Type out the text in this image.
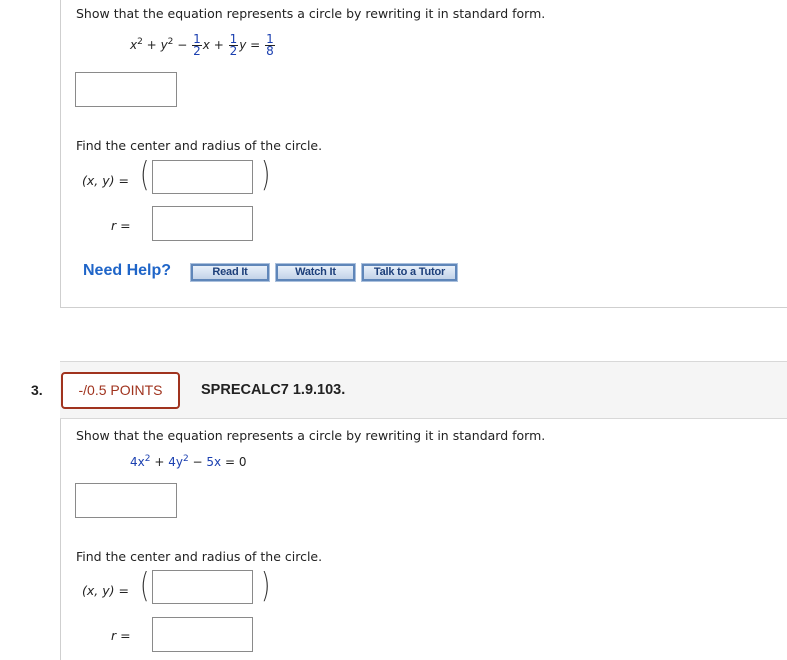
Show that the equation represents a circle by rewriting it in standard form.
$x^2 + y^2 - \frac{1}{2}$ $x + \frac{1}{2}$ $y = \frac{1}{8}$
Find the center and radius of the circle.
(x, y) = (	)
r =
Need Help?	Read It	Watch It	Talk to a Tutor
3.	-/0.5 POINTS	SPRECALC7 1.9.103.
Show that the equation represents a circle by rewriting it in standard form.
$4x^2 + 4y^2 - 5x = 0$
Find the center and radius of the circle.
(x, y) = (	)
r =
